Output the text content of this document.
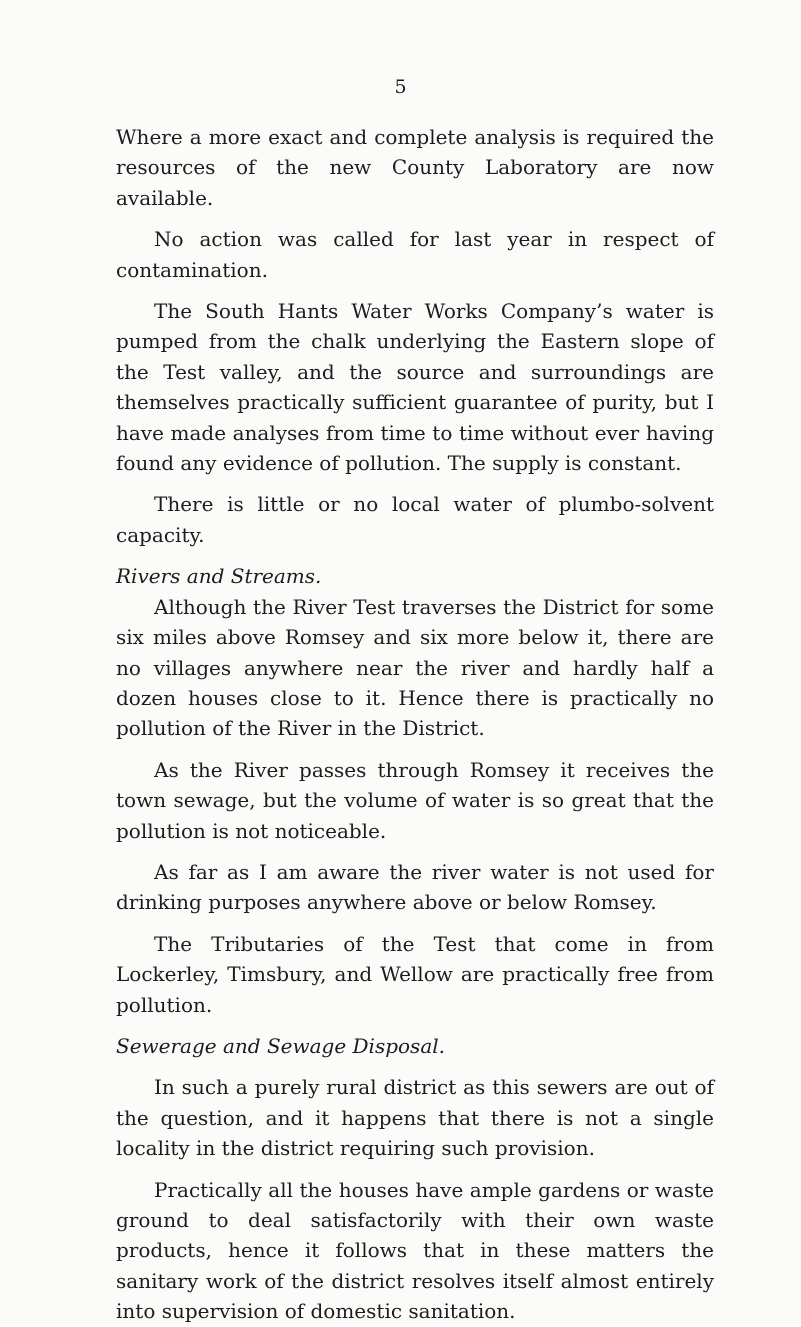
5

Where a more exact and complete analysis is required the resources of the new County Laboratory are now available.

No action was called for last year in respect of contamination.

The South Hants Water Works Company’s water is pumped from the chalk underlying the Eastern slope of the Test valley, and the source and surroundings are themselves practically sufficient guarantee of purity, but I have made analyses from time to time without ever having found any evidence of pollution. The supply is constant.

There is little or no local water of plumbo-solvent capacity.

Rivers and Streams.

Although the River Test traverses the District for some six miles above Romsey and six more below it, there are no villages anywhere near the river and hardly half a dozen houses close to it. Hence there is practically no pollution of the River in the District.

As the River passes through Romsey it receives the town sewage, but the volume of water is so great that the pollution is not noticeable.

As far as I am aware the river water is not used for drinking purposes anywhere above or below Romsey.

The Tributaries of the Test that come in from Lockerley, Timsbury, and Wellow are practically free from pollution.

Sewerage and Sewage Disposal.

In such a purely rural district as this sewers are out of the question, and it happens that there is not a single locality in the district requiring such provision.

Practically all the houses have ample gardens or waste ground to deal satisfactorily with their own waste products, hence it follows that in these matters the sanitary work of the district resolves itself almost entirely into supervision of domestic sanitation.
